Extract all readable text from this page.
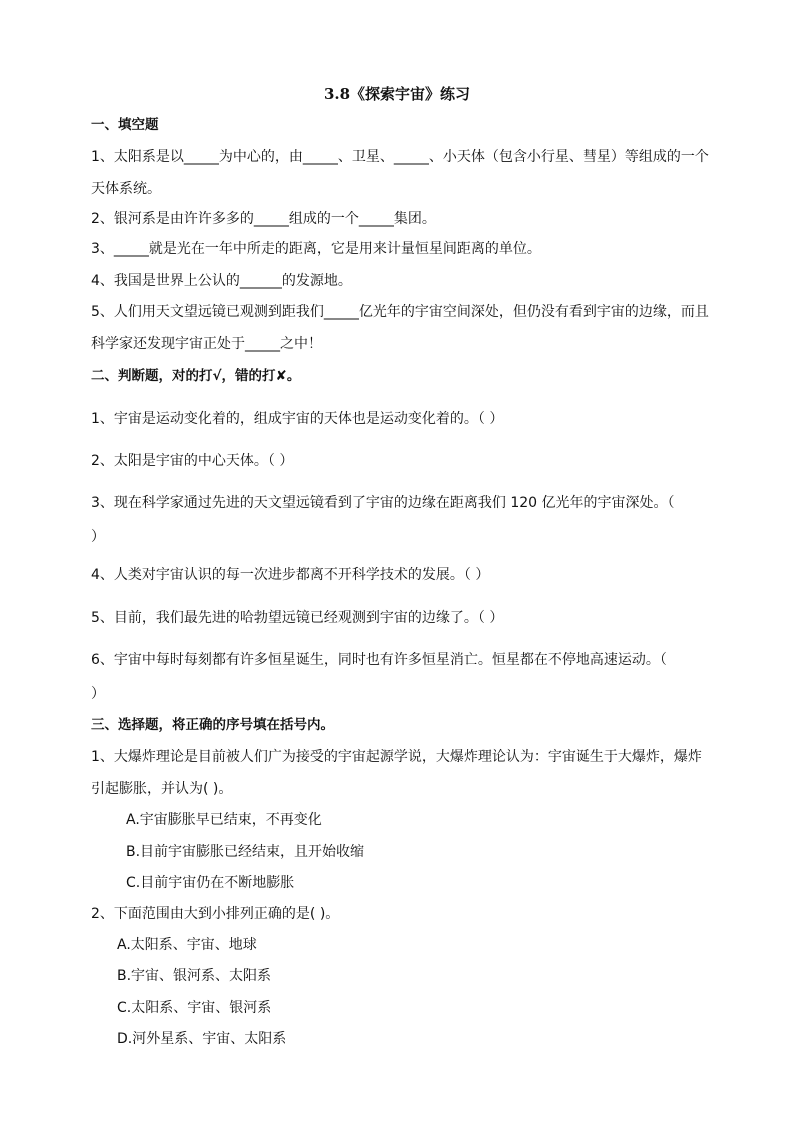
3.8《探索宇宙》练习
一、填空题
1、太阳系是以_____为中心的，由_____、卫星、_____、小天体（包含小行星、彗星）等组成的一个
天体系统。
2、银河系是由许许多多的_____组成的一个_____集团。
3、_____就是光在一年中所走的距离，它是用来计量恒星间距离的单位。
4、我国是世界上公认的______的发源地。
5、人们用天文望远镜已观测到距我们_____亿光年的宇宙空间深处，但仍没有看到宇宙的边缘，而且
科学家还发现宇宙正处于_____之中！
二、判断题，对的打√，错的打✘。
1、宇宙是运动变化着的，组成宇宙的天体也是运动变化着的。（ ）
2、太阳是宇宙的中心天体。（ ）
3、现在科学家通过先进的天文望远镜看到了宇宙的边缘在距离我们 120 亿光年的宇宙深处。（
）
4、人类对宇宙认识的每一次进步都离不开科学技术的发展。（ ）
5、目前，我们最先进的哈勃望远镜已经观测到宇宙的边缘了。（ ）
6、宇宙中每时每刻都有许多恒星诞生，同时也有许多恒星消亡。恒星都在不停地高速运动。（
）
三、选择题，将正确的序号填在括号内。
1、大爆炸理论是目前被人们广为接受的宇宙起源学说，大爆炸理论认为：宇宙诞生于大爆炸，爆炸
引起膨胀，并认为( )。
A.宇宙膨胀早已结束，不再变化
B.目前宇宙膨胀已经结束，且开始收缩
C.目前宇宙仍在不断地膨胀
2、下面范围由大到小排列正确的是( )。
A.太阳系、宇宙、地球
B.宇宙、银河系、太阳系
C.太阳系、宇宙、银河系
D.河外星系、宇宙、太阳系
